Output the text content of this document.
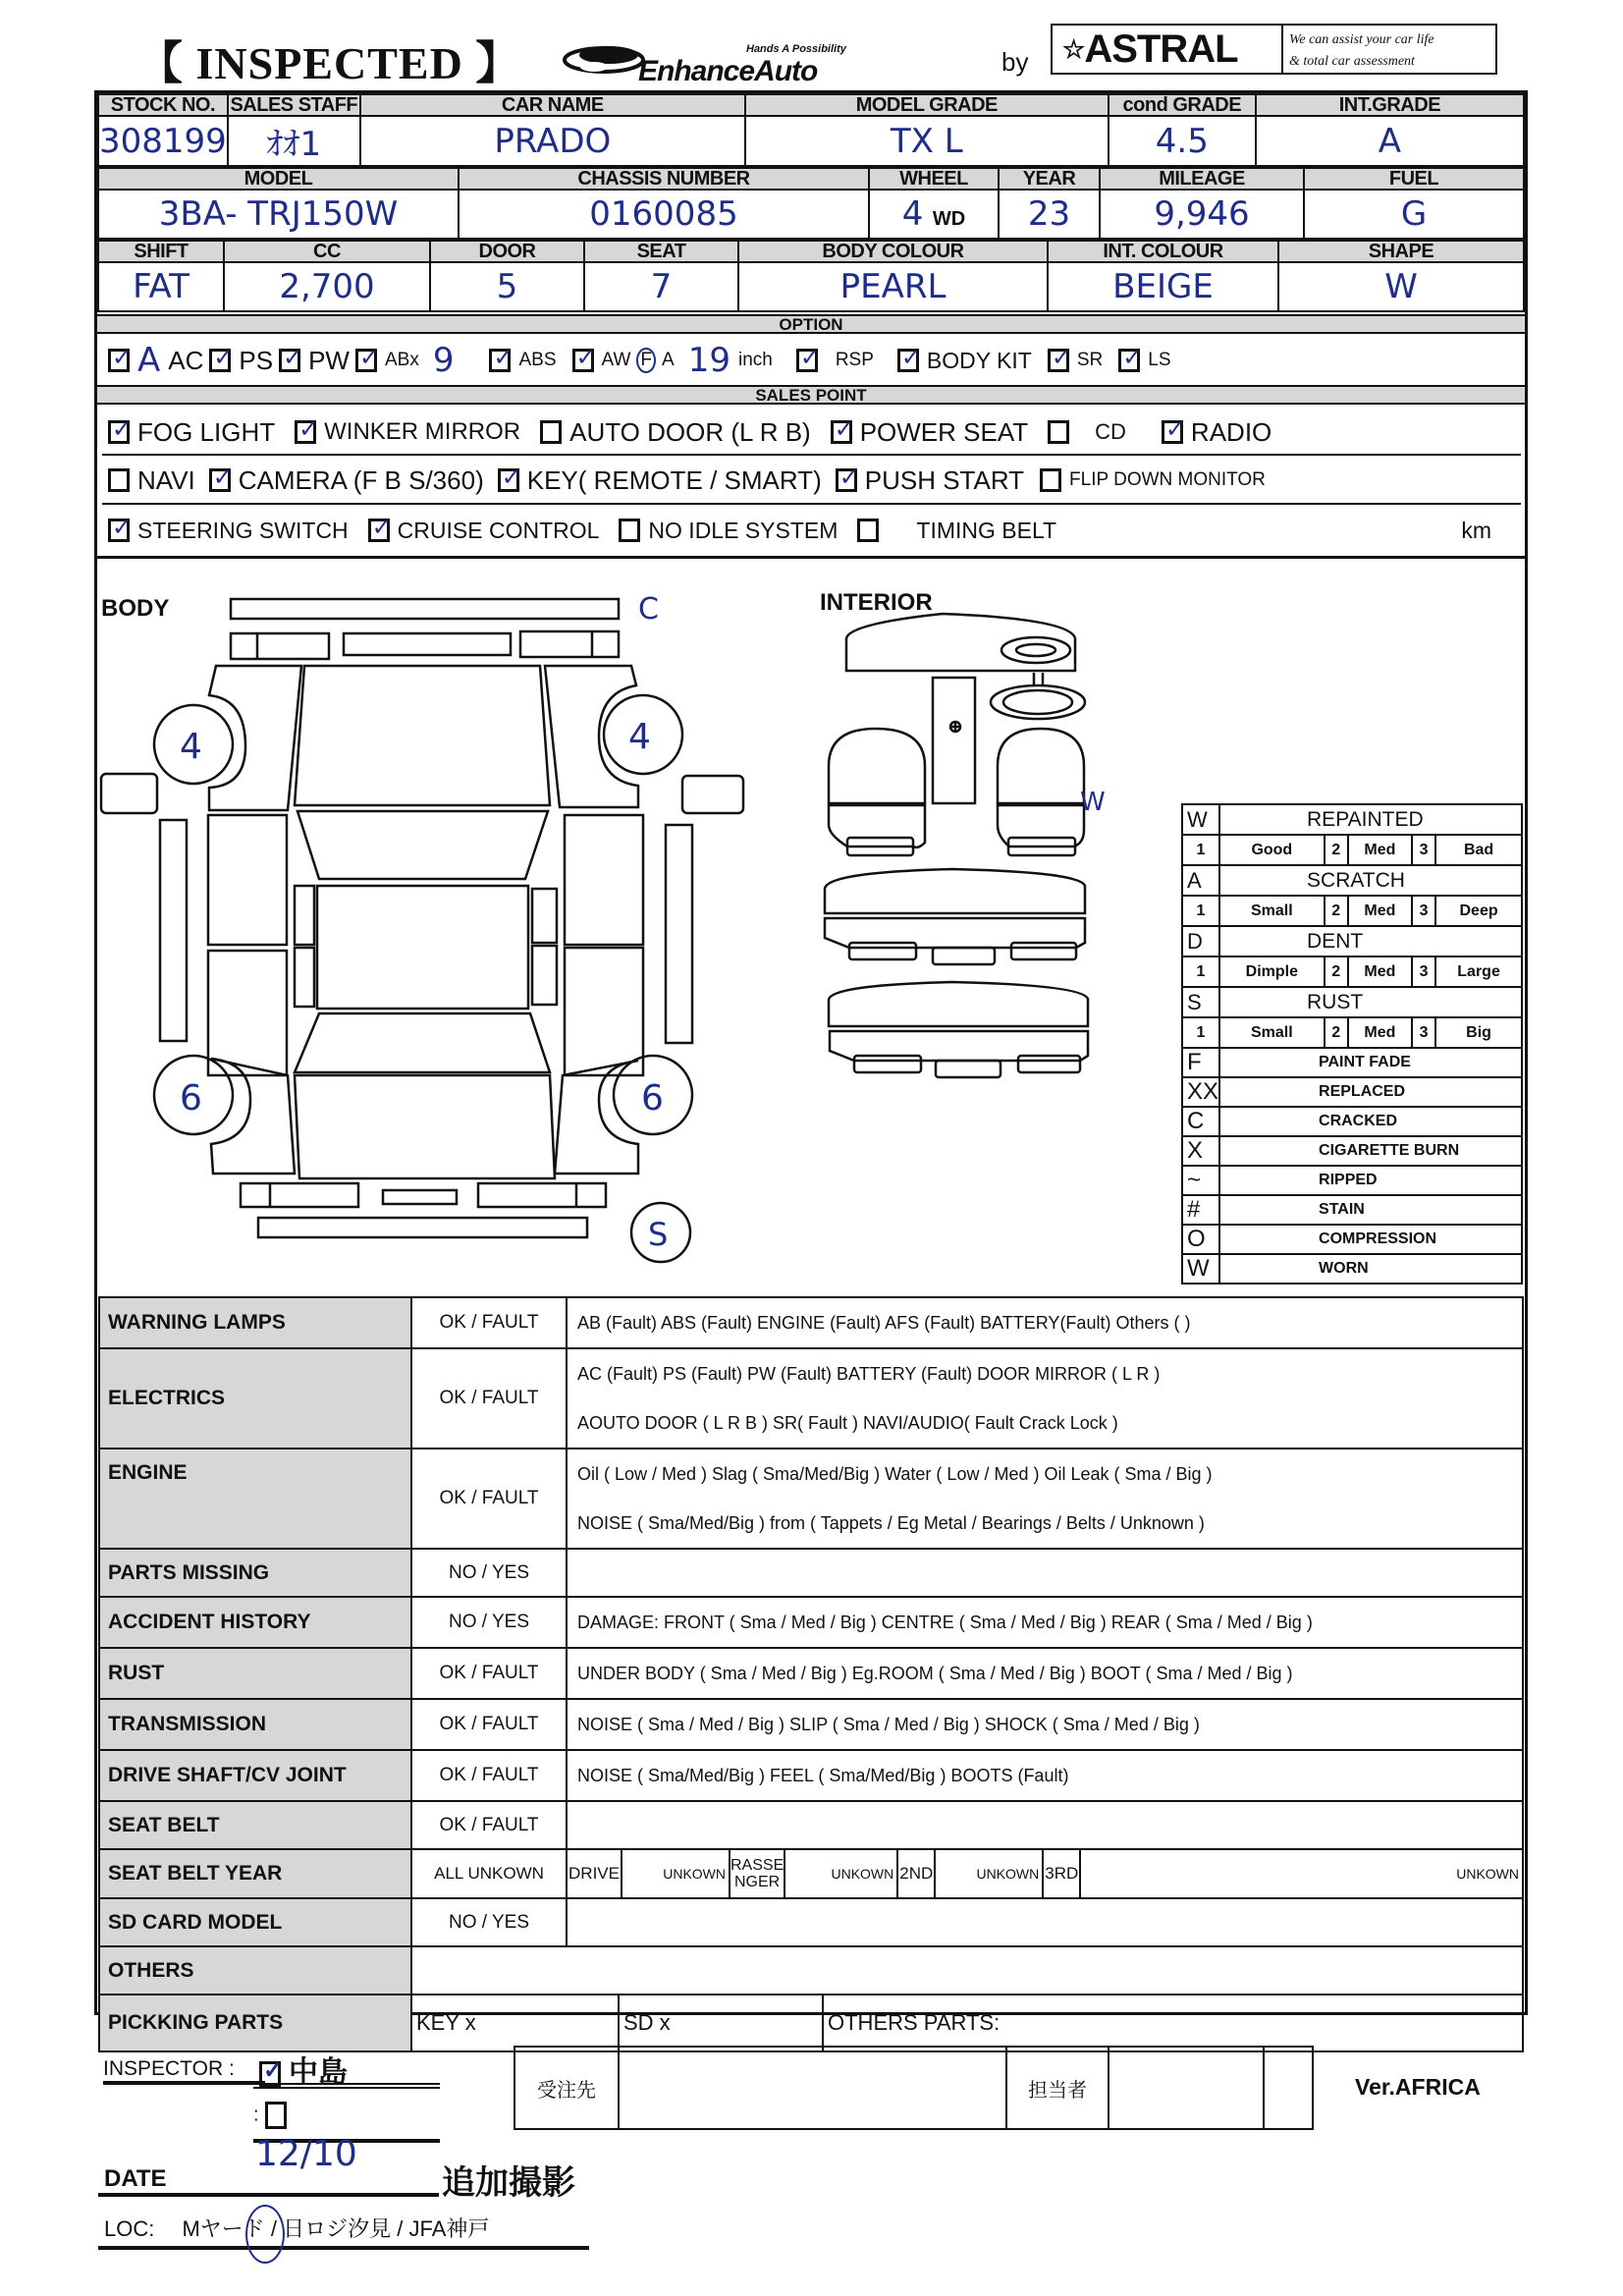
【 INSPECTED 】	Hands A Possibility
EnhanceAuto	by ☆ ASTRAL	We can assist your car life
& total car assessment
STOCK NO.	SALES STAFF	CAR NAME	MODEL GRADE	cond GRADE	INT.GRADE
308199	ｵｵ1	PRADO	TX L	4.5	A
MODEL	CHASSIS NUMBER	WHEEL	YEAR	MILEAGE	FUEL
3BA- TRJ150W	0160085	4 WD	23	9,946	G
SHIFT	CC	DOOR	SEAT	BODY COLOUR	INT. COLOUR	SHAPE
FAT	2,700	5	7	PEARL	BEIGE	W
OPTION
✓
A AC ✓ PS ✓ PW ✓ ABx 9 ✓	ABS ✓ AW F A 19 inch ✓	RSP ✓ BODY KIT ✓ SR ✓ LS
SALES POINT
✓
FOG LIGHT ✓ WINKER MIRROR AUTO DOOR (L R B) ✓ POWER SEAT	CD ✓	RADIO
NAVI ✓ CAMERA (F B S/360) ✓ KEY( REMOTE / SMART) ✓ PUSH START FLIP DOWN MONITOR
✓
STEERING SWITCH ✓ CRUISE CONTROL NO IDLE SYSTEM	TIMING BELT	km
BODY
4	4
6	6
C
S
INTERIOR
W
W	REPAINTED				
1	Good	2	Med	3	Bad
A	SCRATCH				
1	Small	2	Med	3	Deep
D	DENT				
1	Dimple	2	Med	3	Large
S	RUST				
1	Small	2	Med	3	Big
F	PAINT FADE				
XX	REPLACED				
C	CRACKED				
X	CIGARETTE BURN				
~	RIPPED				
#	STAIN				
O	COMPRESSION				
W	WORN				
WARNING LAMPS	OK / FAULT	AB (Fault) ABS (Fault) ENGINE (Fault) AFS (Fault) BATTERY(Fault) Others ( )
ELECTRICS	OK / FAULT	
AC (Fault) PS (Fault) PW (Fault) BATTERY (Fault) DOOR MIRROR ( L R )
AOUTO DOOR ( L R B ) SR( Fault ) NAVI/AUDIO( Fault Crack Lock )

ENGINE	OK / FAULT	
Oil ( Low / Med ) Slag ( Sma/Med/Big ) Water ( Low / Med ) Oil Leak ( Sma / Big )
NOISE ( Sma/Med/Big ) from ( Tappets / Eg Metal / Bearings / Belts / Unknown )

PARTS MISSING	NO / YES	
ACCIDENT HISTORY	NO / YES	DAMAGE: FRONT ( Sma / Med / Big ) CENTRE ( Sma / Med / Big ) REAR ( Sma / Med / Big )
RUST	OK / FAULT	UNDER BODY ( Sma / Med / Big ) Eg.ROOM ( Sma / Med / Big ) BOOT ( Sma / Med / Big )
TRANSMISSION	OK / FAULT	NOISE ( Sma / Med / Big ) SLIP ( Sma / Med / Big ) SHOCK ( Sma / Med / Big )
DRIVE SHAFT/CV JOINT	OK / FAULT	NOISE ( Sma/Med/Big ) FEEL ( Sma/Med/Big ) BOOTS (Fault)
SEAT BELT	OK / FAULT	
SEAT BELT YEAR	ALL UNKOWN	DRIVE	UNKOWN	RASSE NGER	UNKOWN	2ND	UNKOWN	3RD	UNKOWN

SD CARD MODEL	NO / YES	
OTHERS	
PICKKING PARTS		KEY x	SD x	OTHERS PARTS:
INSPECTOR : ✓	中島
:
DATE
12/10
追加撮影
LOC: Mヤード / 日ロジ汐見 / JFA神戸
受注先	担当者	Ver.AFRICA
